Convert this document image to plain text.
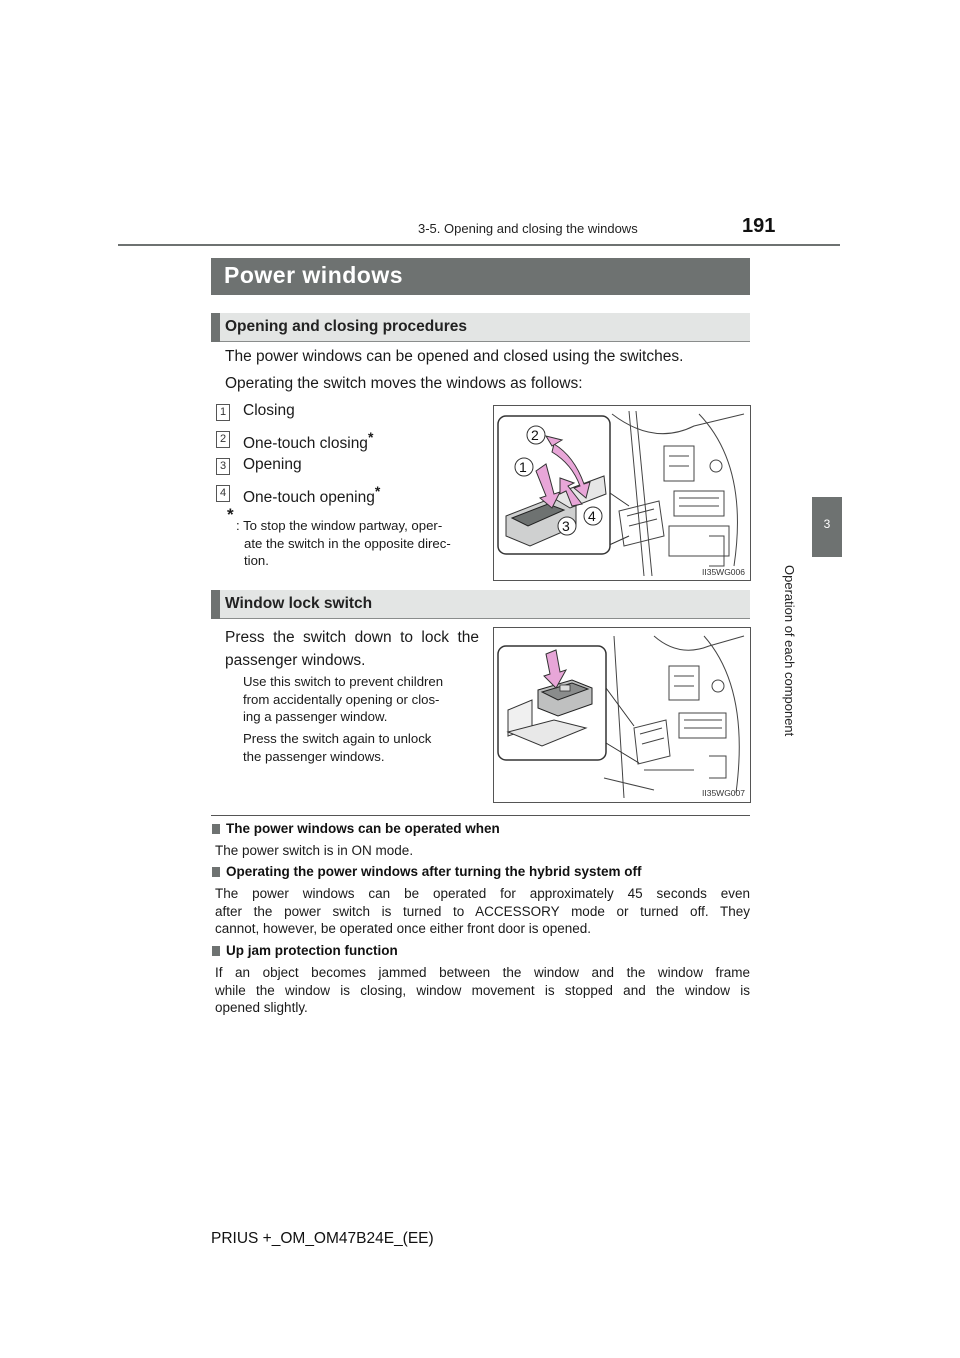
3-5. Opening and closing the windows	191
3
Operation of each component
Power windows
Opening and closing procedures
The power windows can be opened and closed using the switches.
Operating the switch moves the windows as follows:
1 Closing
2 One-touch closing*
3 Opening
4 One-touch opening*
*
: To stop the window partway, oper-
ate the switch in the opposite direc-
tion.
2
1
3
4
II35WG006
Window lock switch
Press the switch down to lock the
passenger windows.
Use this switch to prevent children
from accidentally opening or clos-
ing a passenger window.
Press the switch again to unlock
the passenger windows.
II35WG007
The power windows can be operated when
The power switch is in ON mode.
Operating the power windows after turning the hybrid system off
The power windows can be operated for approximately 45 seconds even
after the power switch is turned to ACCESSORY mode or turned off. They
cannot, however, be operated once either front door is opened.
Up jam protection function
If an object becomes jammed between the window and the window frame
while the window is closing, window movement is stopped and the window is
opened slightly.
PRIUS +_OM_OM47B24E_(EE)
